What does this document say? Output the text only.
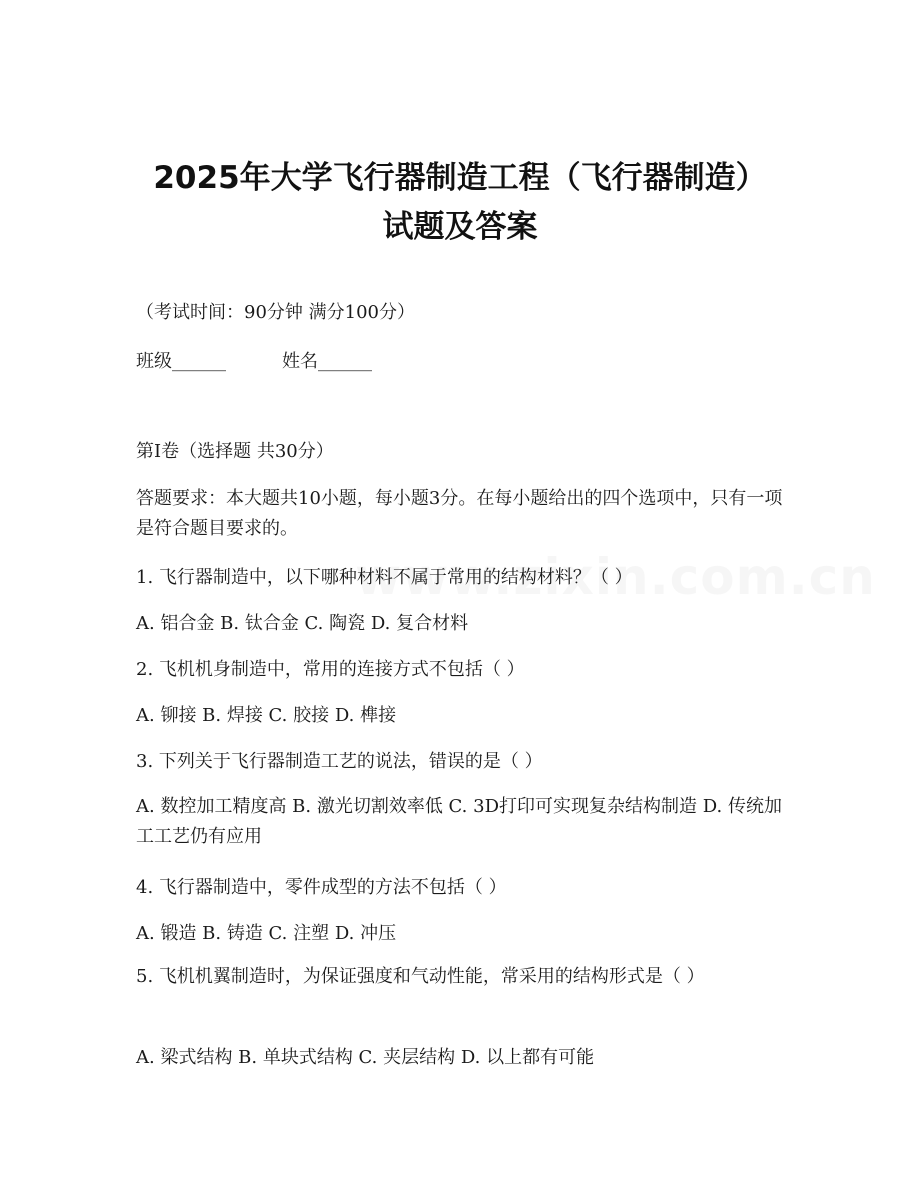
2025年大学飞行器制造工程（飞行器制造）
试题及答案
（考试时间：90分钟 满分100分）
班级______	姓名______
第I卷（选择题 共30分）
答题要求：本大题共10小题，每小题3分。在每小题给出的四个选项中，只有一项是符合题目要求的。
1. 飞行器制造中，以下哪种材料不属于常用的结构材料？（ ）
A. 铝合金 B. 钛合金 C. 陶瓷 D. 复合材料
2. 飞机机身制造中，常用的连接方式不包括（ ）
A. 铆接 B. 焊接 C. 胶接 D. 榫接
3. 下列关于飞行器制造工艺的说法，错误的是（ ）
A. 数控加工精度高 B. 激光切割效率低 C. 3D打印可实现复杂结构制造 D. 传统加工工艺仍有应用
4. 飞行器制造中，零件成型的方法不包括（ ）
A. 锻造 B. 铸造 C. 注塑 D. 冲压
5. 飞机机翼制造时，为保证强度和气动性能，常采用的结构形式是（ ）
A. 梁式结构 B. 单块式结构 C. 夹层结构 D. 以上都有可能
